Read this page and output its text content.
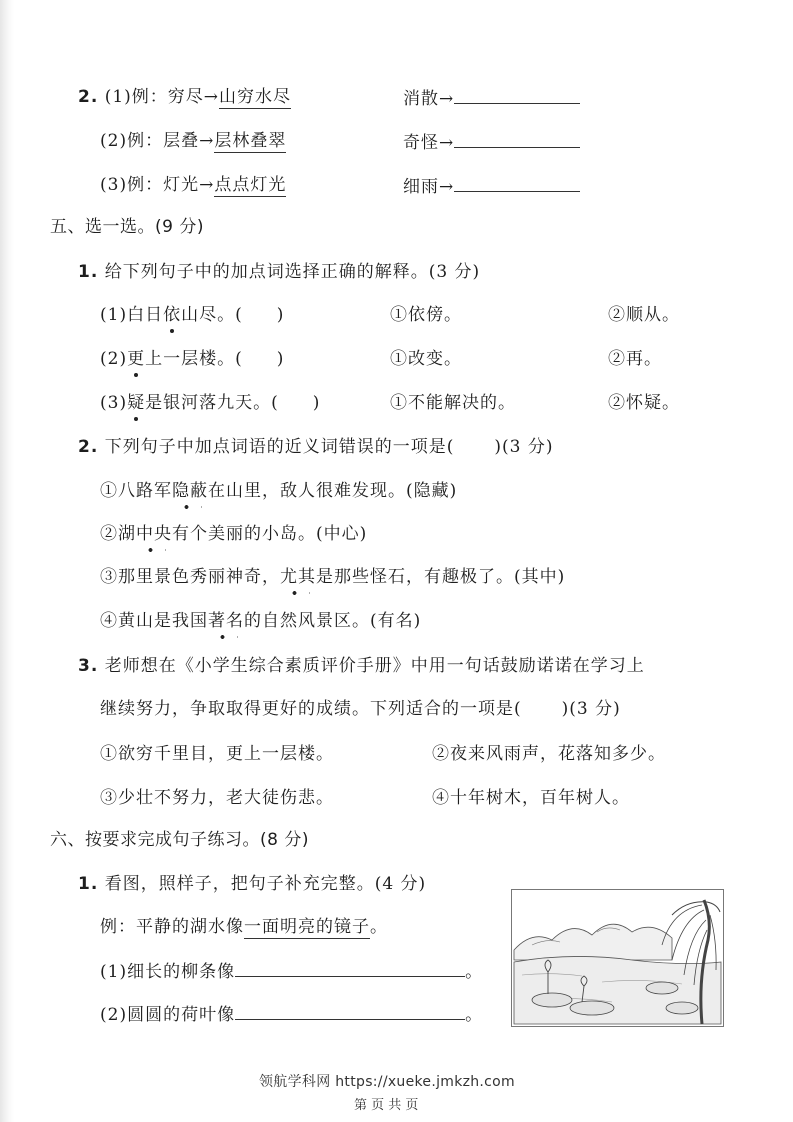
2. (1)例：穷尽→山穷水尽	消散→
(2)例：层叠→层林叠翠	奇怪→
(3)例：灯光→点点灯光	细雨→
五、选一选。(9 分)
1. 给下列句子中的加点词选择正确的解释。(3 分)
(1)白日依山尽。( )	①依傍。	②顺从。
(2)更上一层楼。( )	①改变。	②再。
(3)疑是银河落九天。( )	①不能解决的。	②怀疑。
2. 下列句子中加点词语的近义词错误的一项是( )(3 分)
①八路军隐蔽在山里，敌人很难发现。(隐藏)
②湖中央有个美丽的小岛。(中心)
③那里景色秀丽神奇，尤其是那些怪石，有趣极了。(其中)
④黄山是我国著名的自然风景区。(有名)
3. 老师想在《小学生综合素质评价手册》中用一句话鼓励诺诺在学习上
继续努力，争取取得更好的成绩。下列适合的一项是( )(3 分)
①欲穷千里目，更上一层楼。	②夜来风雨声，花落知多少。
③少壮不努力，老大徒伤悲。	④十年树木，百年树人。
六、按要求完成句子练习。(8 分)
1. 看图，照样子，把句子补充完整。(4 分)
例：平静的湖水像一面明亮的镜子。
(1)细长的柳条像	。
(2)圆圆的荷叶像	。
领航学科网 https://xueke.jmkzh.com
第 页 共 页
